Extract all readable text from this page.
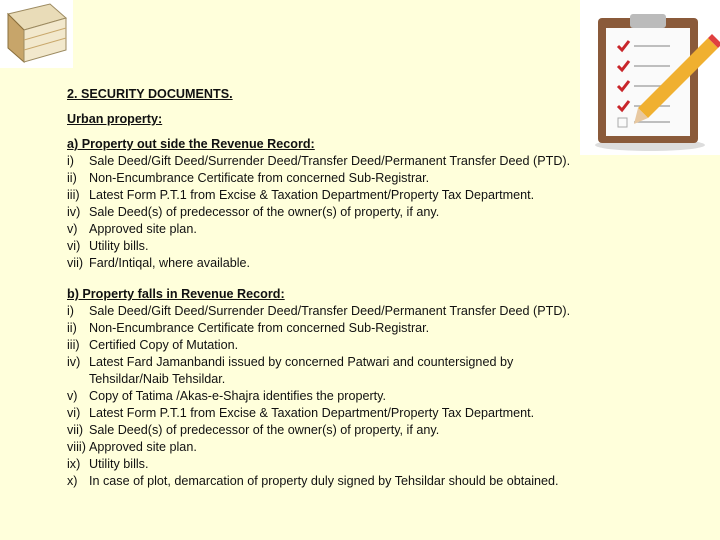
2. SECURITY DOCUMENTS.
Urban property:
a) Property out side the Revenue Record:
i)	Sale Deed/Gift Deed/Surrender Deed/Transfer Deed/Permanent Transfer Deed (PTD).
ii) Non-Encumbrance Certificate from concerned Sub-Registrar.
iii) Latest Form P.T.1 from Excise & Taxation Department/Property Tax Department.
iv) Sale Deed(s) of predecessor of the owner(s) of property, if any.
v) Approved site plan.
vi) Utility bills.
vii) Fard/Intiqal, where available.
b) Property falls in Revenue Record:
i)	Sale Deed/Gift Deed/Surrender Deed/Transfer Deed/Permanent Transfer Deed (PTD).
ii) Non-Encumbrance Certificate from concerned Sub-Registrar.
iii) Certified Copy of Mutation.
iv) Latest Fard Jamanbandi issued by concerned Patwari and countersigned by
Tehsildar/Naib Tehsildar.
v) Copy of Tatima /Akas-e-Shajra identifies the property.
vi) Latest Form P.T.1 from Excise & Taxation Department/Property Tax Department.
vii) Sale Deed(s) of predecessor of the owner(s) of property, if any.
viii) Approved site plan.
ix) Utility bills.
x) In case of plot, demarcation of property duly signed by Tehsildar should be obtained.
